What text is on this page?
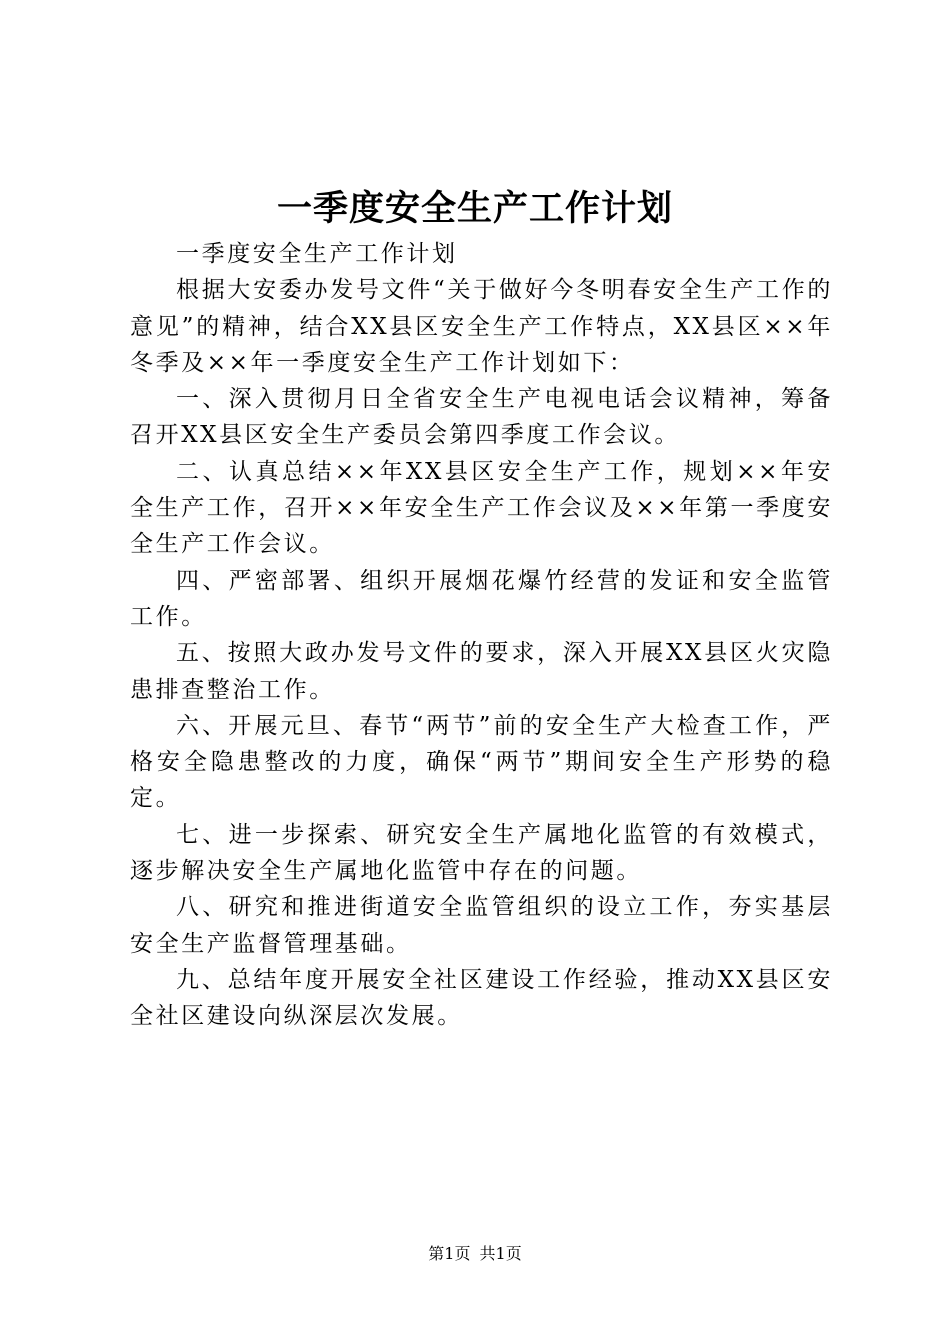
一季度安全生产工作计划

一季度安全生产工作计划

根据大安委办发号文件“关于做好今冬明春安全生产工作的意见”的精神，结合XX县区安全生产工作特点，XX县区××年冬季及××年一季度安全生产工作计划如下：

一、深入贯彻月日全省安全生产电视电话会议精神，筹备召开XX县区安全生产委员会第四季度工作会议。

二、认真总结××年XX县区安全生产工作，规划××年安全生产工作，召开××年安全生产工作会议及××年第一季度安全生产工作会议。

四、严密部署、组织开展烟花爆竹经营的发证和安全监管工作。

五、按照大政办发号文件的要求，深入开展XX县区火灾隐患排查整治工作。

六、开展元旦、春节“两节”前的安全生产大检查工作，严格安全隐患整改的力度，确保“两节”期间安全生产形势的稳定。

七、进一步探索、研究安全生产属地化监管的有效模式，逐步解决安全生产属地化监管中存在的问题。

八、研究和推进街道安全监管组织的设立工作，夯实基层安全生产监督管理基础。

九、总结年度开展安全社区建设工作经验，推动XX县区安全社区建设向纵深层次发展。

第1页 共1页
